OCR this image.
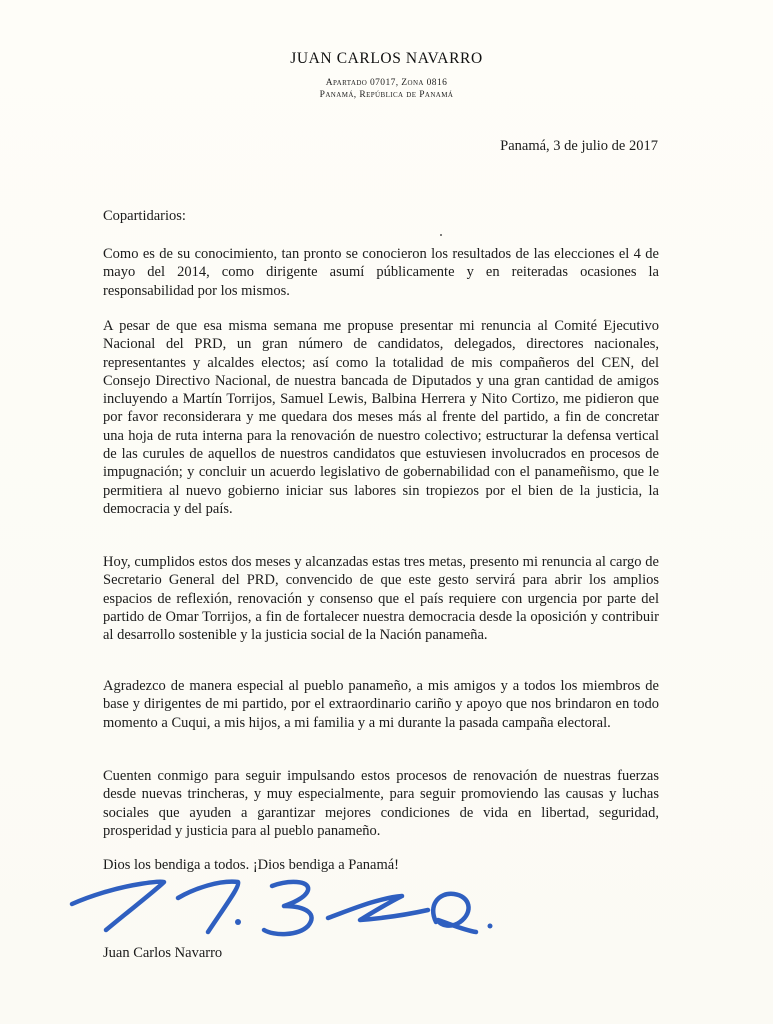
JUAN CARLOS NAVARRO
Apartado 07017, Zona 0816
Panamá, República de Panamá
Panamá, 3 de julio de 2017
Copartidarios:

Como es de su conocimiento, tan pronto se conocieron los resultados de las elecciones el 4 de mayo del 2014, como dirigente asumí públicamente y en reiteradas ocasiones la responsabilidad por los mismos.

A pesar de que esa misma semana me propuse presentar mi renuncia al Comité Ejecutivo Nacional del PRD, un gran número de candidatos, delegados, directores nacionales, representantes y alcaldes electos; así como la totalidad de mis compañeros del CEN, del Consejo Directivo Nacional, de nuestra bancada de Diputados y una gran cantidad de amigos incluyendo a Martín Torrijos, Samuel Lewis, Balbina Herrera y Nito Cortizo, me pidieron que por favor reconsiderara y me quedara dos meses más al frente del partido, a fin de concretar una hoja de ruta interna para la renovación de nuestro colectivo; estructurar la defensa vertical de las curules de aquellos de nuestros candidatos que estuviesen involucrados en procesos de impugnación; y concluir un acuerdo legislativo de gobernabilidad con el panameñismo, que le permitiera al nuevo gobierno iniciar sus labores sin tropiezos por el bien de la justicia, la democracia y del país.

Hoy, cumplidos estos dos meses y alcanzadas estas tres metas, presento mi renuncia al cargo de Secretario General del PRD, convencido de que este gesto servirá para abrir los amplios espacios de reflexión, renovación y consenso que el país requiere con urgencia por parte del partido de Omar Torrijos, a fin de fortalecer nuestra democracia desde la oposición y contribuir al desarrollo sostenible y la justicia social de la Nación panameña.

Agradezco de manera especial al pueblo panameño, a mis amigos y a todos los miembros de base y dirigentes de mi partido, por el extraordinario cariño y apoyo que nos brindaron en todo momento a Cuqui, a mis hijos, a mi familia y a mi durante la pasada campaña electoral.

Cuenten conmigo para seguir impulsando estos procesos de renovación de nuestras fuerzas desde nuevas trincheras, y muy especialmente, para seguir promoviendo las causas y luchas sociales que ayuden a garantizar mejores condiciones de vida en libertad, seguridad, prosperidad y justicia para al pueblo panameño.

Dios los bendiga a todos. ¡Dios bendiga a Panamá!
Juan Carlos Navarro
